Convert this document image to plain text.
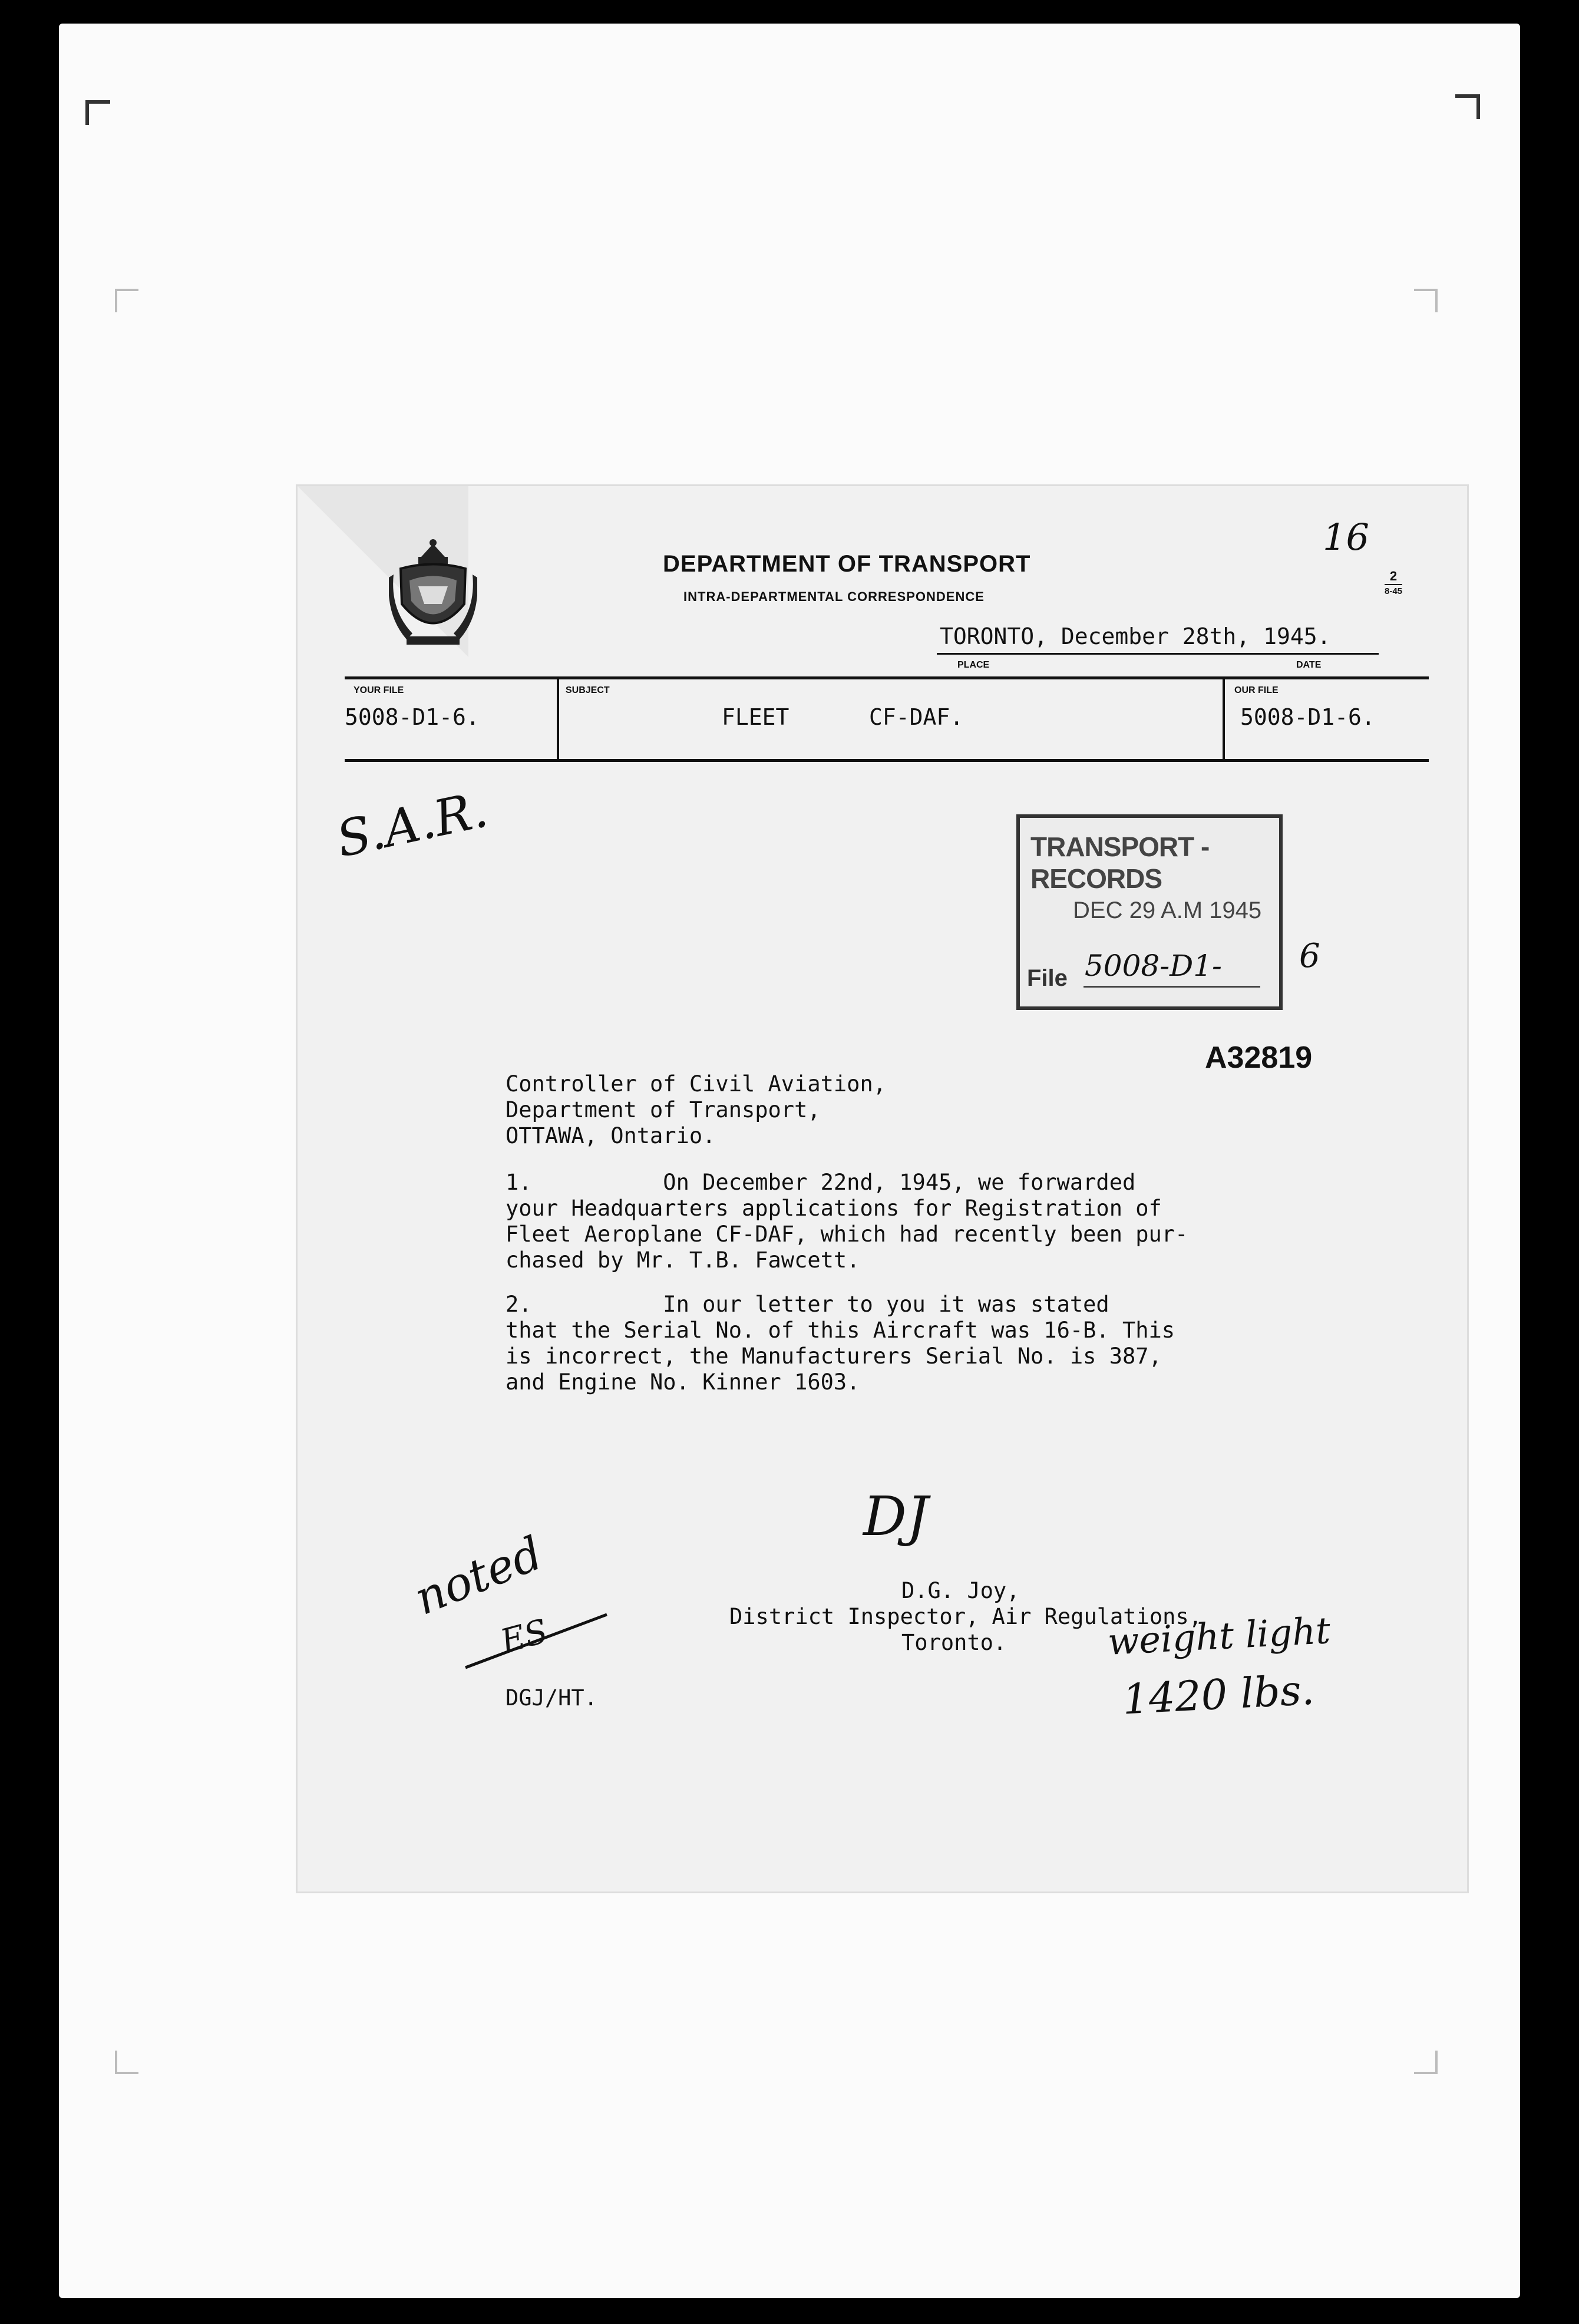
DEPARTMENT OF TRANSPORT
INTRA-DEPARTMENTAL CORRESPONDENCE
2
8-45
16
TORONTO, December 28th, 1945.
PLACE	DATE
YOUR FILE
5008-D1-6.
SUBJECT
FLEET	CF-DAF.
OUR FILE
5008-D1-6.
S.A.R.	TRANSPORT - RECORDS
DEC 29 A.M 1945
File 5008-D1- 6
A32819
Controller of Civil Aviation,
Department of Transport,
OTTAWA, Ontario.
1.          On December 22nd, 1945, we forwarded
your Headquarters applications for Registration of
Fleet Aeroplane CF-DAF, which had recently been pur-
chased by Mr. T.B. Fawcett.
2.          In our letter to you it was stated
that the Serial No. of this Aircraft was 16-B. This
is incorrect, the Manufacturers Serial No. is 387,
and Engine No. Kinner 1603.
DJ
D.G. Joy,
District Inspector, Air Regulations,
Toronto.
DGJ/HT.
noted
ES	weight light
1420 lbs.
